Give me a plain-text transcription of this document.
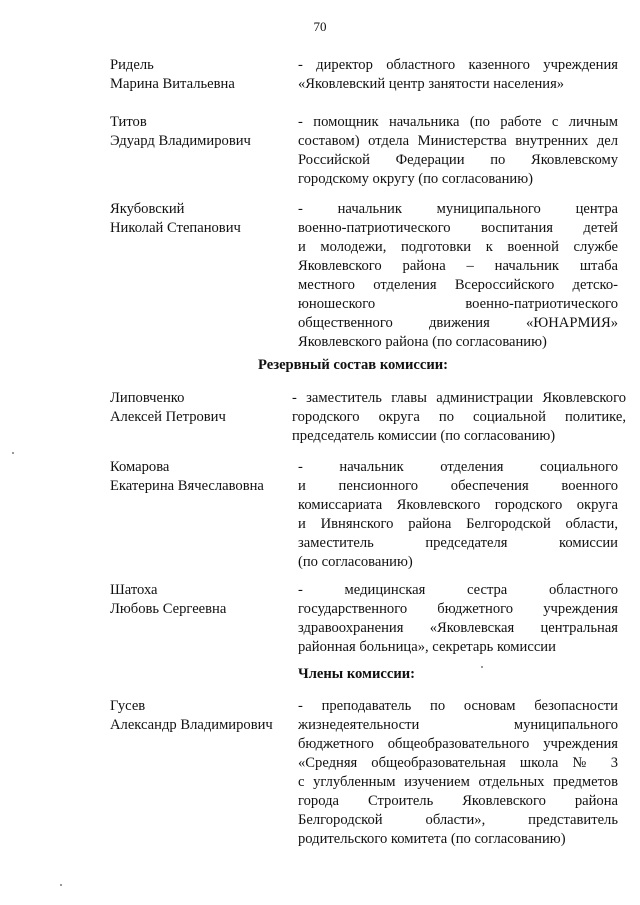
70
Ридель
Марина Витальевна
- директор областного казенного учреждения
«Яковлевский центр занятости населения»
Титов
Эдуард Владимирович
- помощник начальника (по работе с личным
составом) отдела Министерства внутренних дел
Российской Федерации по Яковлевскому
городскому округу (по согласованию)
Якубовский
Николай Степанович
- начальник муниципального центра
военно-патриотического воспитания детей
и молодежи, подготовки к военной службе
Яковлевского района – начальник штаба
местного отделения Всероссийского детско-
юношеского военно-патриотического
общественного движения «ЮНАРМИЯ»
Яковлевского района (по согласованию)
Резервный состав комиссии:
Липовченко
Алексей Петрович
- заместитель главы администрации Яковлевского
городского округа по социальной политике,
председатель комиссии (по согласованию)
Комарова
Екатерина Вячеславовна
- начальник отделения социального
и пенсионного обеспечения военного
комиссариата Яковлевского городского округа
и Ивнянского района Белгородской области,
заместитель председателя комиссии
(по согласованию)
Шатоха
Любовь Сергеевна
- медицинская сестра областного
государственного бюджетного учреждения
здравоохранения «Яковлевская центральная
районная больница», секретарь комиссии
Члены комиссии:
Гусев
Александр Владимирович
- преподаватель по основам безопасности
жизнедеятельности муниципального
бюджетного общеобразовательного учреждения
«Средняя общеобразовательная школа № 3
с углубленным изучением отдельных предметов
города Строитель Яковлевского района
Белгородской области», представитель
родительского комитета (по согласованию)
